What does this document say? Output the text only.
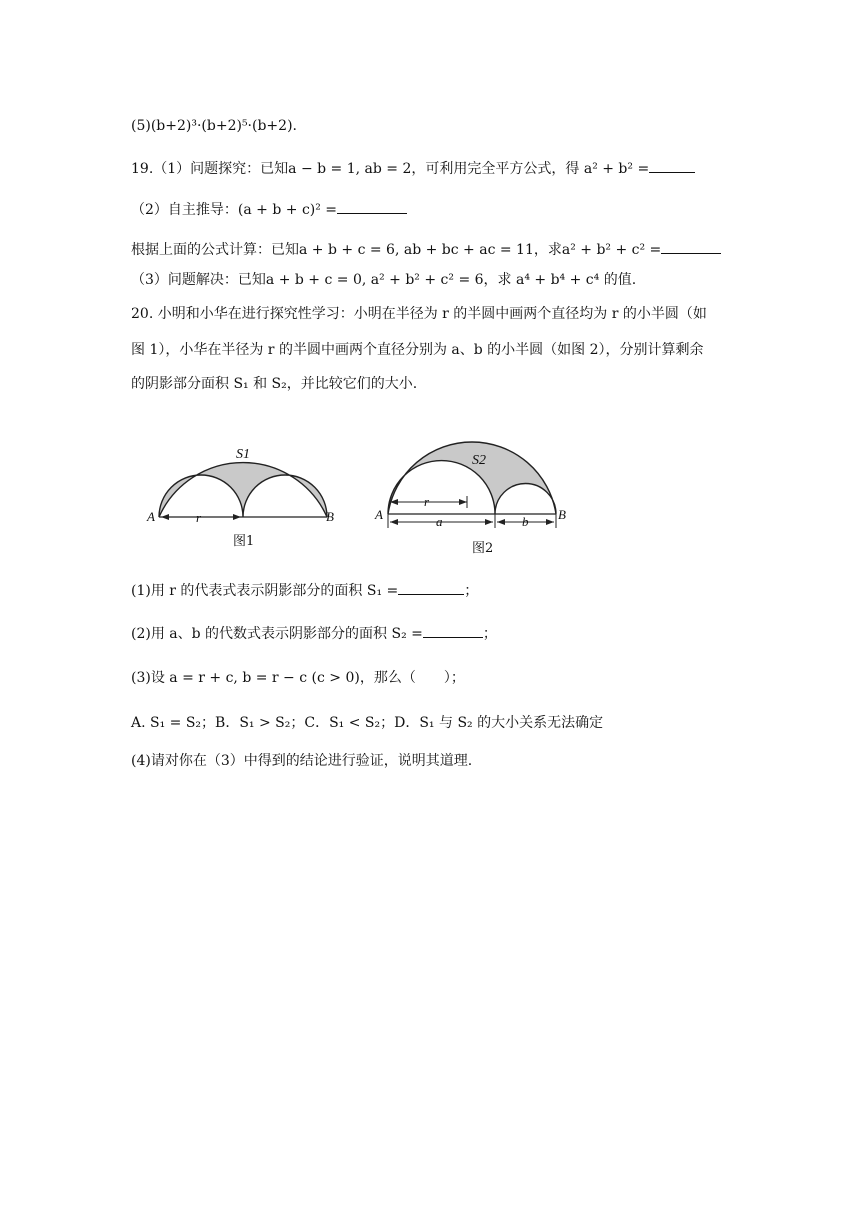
(5)(b+2)³·(b+2)⁵·(b+2).
19.（1）问题探究：已知a − b = 1, ab = 2，可利用完全平方公式，得 a² + b² =
（2）自主推导：(a + b + c)² =
根据上面的公式计算：已知a + b + c = 6, ab + bc + ac = 11，求a² + b² + c² =
（3）问题解决：已知a + b + c = 0, a² + b² + c² = 6，求 a⁴ + b⁴ + c⁴ 的值.
20. 小明和小华在进行探究性学习：小明在半径为 r 的半圆中画两个直径均为 r 的小半圆（如
图 1），小华在半径为 r 的半圆中画两个直径分别为 a、b 的小半圆（如图 2），分别计算剩余
的阴影部分面积 S₁ 和 S₂，并比较它们的大小.
S1
A	B
r
图1
S2
A	B
r
a	b
图2
(1)用 r 的代表式表示阴影部分的面积 S₁ =	；
(2)用 a、b 的代数式表示阴影部分的面积 S₂ =	；
(3)设 a = r + c, b = r − c (c > 0)，那么（　　）；
A. S₁ = S₂；B．S₁ > S₂；C．S₁ < S₂；D．S₁ 与 S₂ 的大小关系无法确定
(4)请对你在（3）中得到的结论进行验证，说明其道理.
